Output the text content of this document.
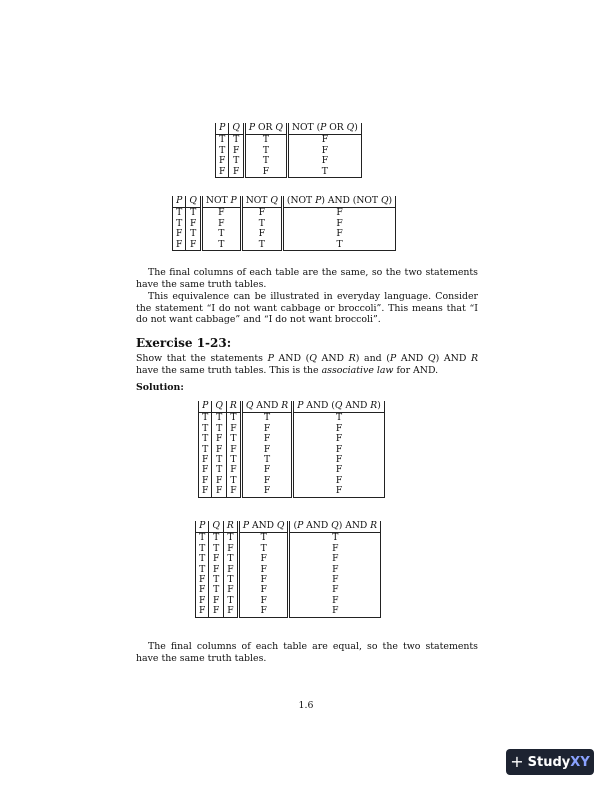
P	Q	P OR Q	NOT (P OR Q)
T	T	T	F
T	F	T	F
F	T	T	F
F	F	F	T
P	Q	NOT P	NOT Q	(NOT P) AND (NOT Q)
T	T	F	F	F
T	F	F	T	F
F	T	T	F	F
F	F	T	T	T
The final columns of each table are the same, so the two statements have the same truth tables.
This equivalence can be illustrated in everyday language. Consider the statement “I do not want cabbage or broccoli”. This means that “I do not want cabbage” and “I do not want broccoli”.
Exercise 1-23:
Show that the statements P AND (Q AND R) and (P AND Q) AND R have the same truth tables. This is the associative law for AND.
Solution:
P	Q	R	Q AND R	P AND (Q AND R)
T	T	T	T	T
T	T	F	F	F
T	F	T	F	F
T	F	F	F	F
F	T	T	T	F
F	T	F	F	F
F	F	T	F	F
F	F	F	F	F
P	Q	R	P AND Q	(P AND Q) AND R
T	T	T	T	T
T	T	F	T	F
T	F	T	F	F
T	F	F	F	F
F	T	T	F	F
F	T	F	F	F
F	F	T	F	F
F	F	F	F	F
The final columns of each table are equal, so the two statements have the same truth tables.
1.6
+ StudyXY
